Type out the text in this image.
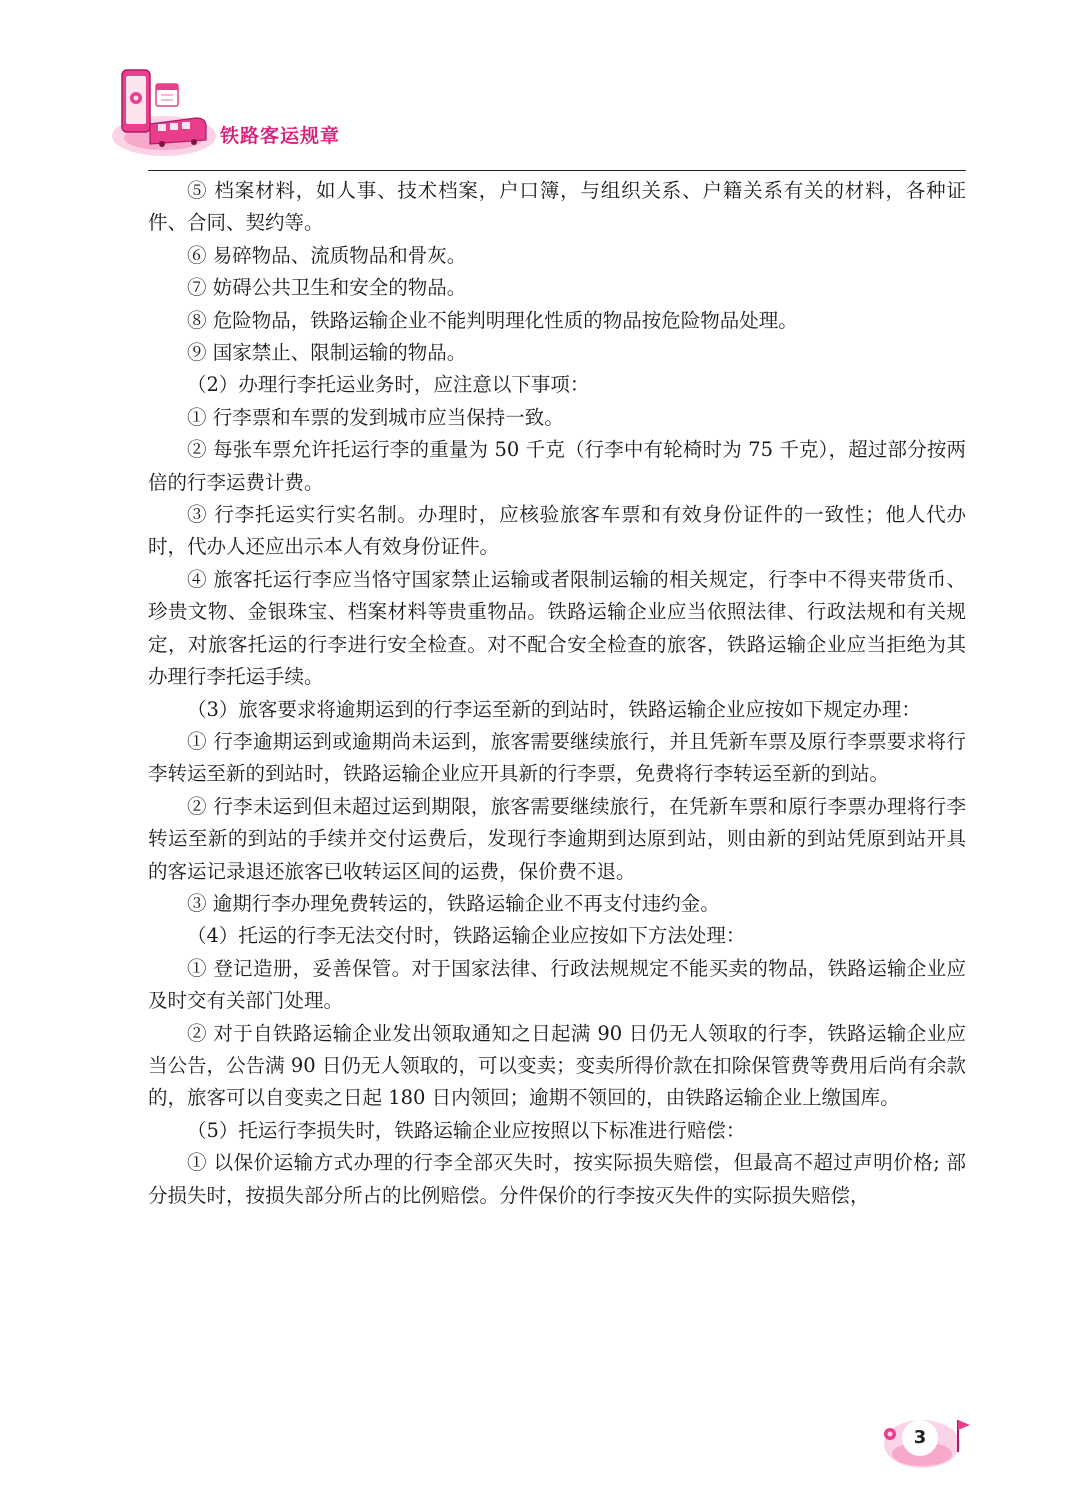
铁路客运规章

⑤ 档案材料，如人事、技术档案，户口簿，与组织关系、户籍关系有关的材料，各种证件、合同、契约等。

⑥ 易碎物品、流质物品和骨灰。

⑦ 妨碍公共卫生和安全的物品。

⑧ 危险物品，铁路运输企业不能判明理化性质的物品按危险物品处理。

⑨ 国家禁止、限制运输的物品。

（2）办理行李托运业务时，应注意以下事项：

① 行李票和车票的发到城市应当保持一致。

② 每张车票允许托运行李的重量为 50 千克（行李中有轮椅时为 75 千克），超过部分按两倍的行李运费计费。

③ 行李托运实行实名制。办理时，应核验旅客车票和有效身份证件的一致性；他人代办时，代办人还应出示本人有效身份证件。

④ 旅客托运行李应当恪守国家禁止运输或者限制运输的相关规定，行李中不得夹带货币、珍贵文物、金银珠宝、档案材料等贵重物品。铁路运输企业应当依照法律、行政法规和有关规定，对旅客托运的行李进行安全检查。对不配合安全检查的旅客，铁路运输企业应当拒绝为其办理行李托运手续。

（3）旅客要求将逾期运到的行李运至新的到站时，铁路运输企业应按如下规定办理：

① 行李逾期运到或逾期尚未运到，旅客需要继续旅行，并且凭新车票及原行李票要求将行李转运至新的到站时，铁路运输企业应开具新的行李票，免费将行李转运至新的到站。

② 行李未运到但未超过运到期限，旅客需要继续旅行，在凭新车票和原行李票办理将行李转运至新的到站的手续并交付运费后，发现行李逾期到达原到站，则由新的到站凭原到站开具的客运记录退还旅客已收转运区间的运费，保价费不退。

③ 逾期行李办理免费转运的，铁路运输企业不再支付违约金。

（4）托运的行李无法交付时，铁路运输企业应按如下方法处理：

① 登记造册，妥善保管。对于国家法律、行政法规规定不能买卖的物品，铁路运输企业应及时交有关部门处理。

② 对于自铁路运输企业发出领取通知之日起满 90 日仍无人领取的行李，铁路运输企业应当公告，公告满 90 日仍无人领取的，可以变卖；变卖所得价款在扣除保管费等费用后尚有余款的，旅客可以自变卖之日起 180 日内领回；逾期不领回的，由铁路运输企业上缴国库。

（5）托运行李损失时，铁路运输企业应按照以下标准进行赔偿：

① 以保价运输方式办理的行李全部灭失时，按实际损失赔偿，但最高不超过声明价格; 部分损失时，按损失部分所占的比例赔偿。分件保价的行李按灭失件的实际损失赔偿，

3
